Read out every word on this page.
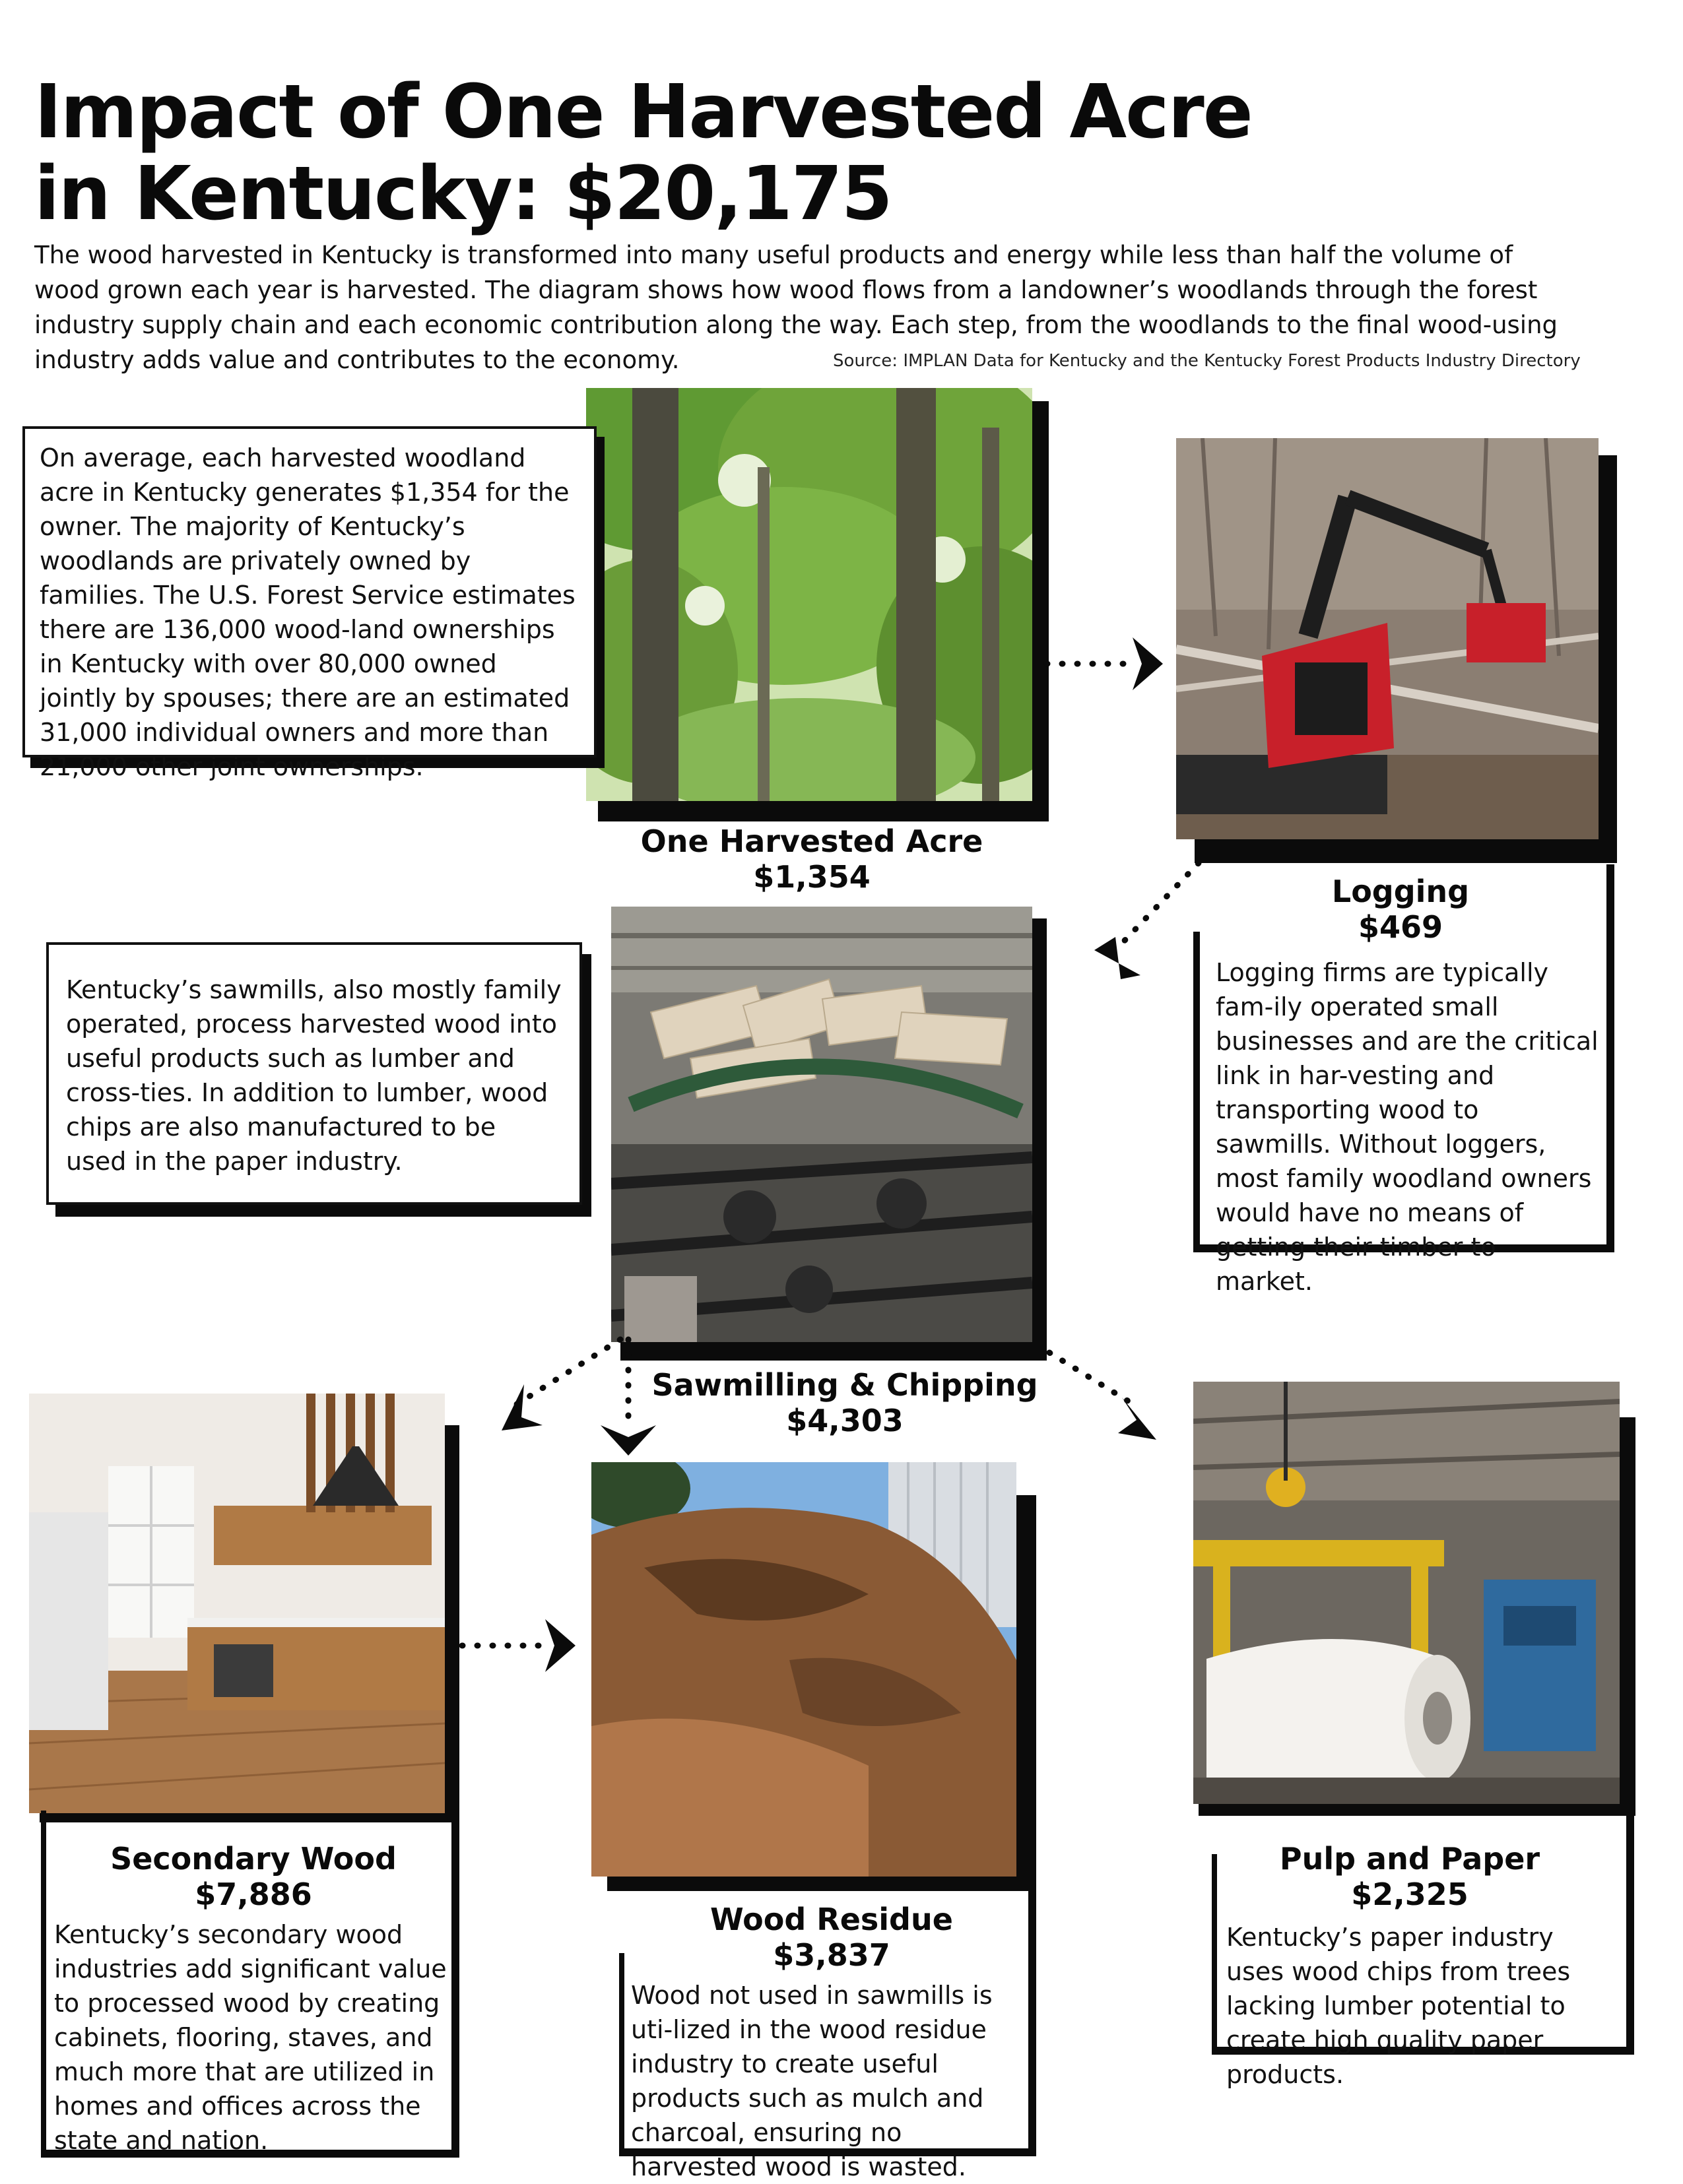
Impact of One Harvested Acre
in Kentucky: $20,175

The wood harvested in Kentucky is transformed into many useful products and energy while less than half the volume of wood grown each year is harvested. The diagram shows how wood flows from a landowner’s woodlands through the forest industry supply chain and each economic contribution along the way. Each step, from the woodlands to the final wood-using industry adds value and contributes to the economy.	Source: IMPLAN Data for Kentucky and the Kentucky Forest Products Industry Directory

On average, each harvested woodland acre in Kentucky generates $1,354 for the owner. The majority of Kentucky’s woodlands are privately owned by families. The U.S. Forest Service estimates there are 136,000 wood-land ownerships in Kentucky with over 80,000 owned jointly by spouses; there are an estimated 31,000 individual owners and more than 21,000 other joint ownerships.

One Harvested Acre
$1,354	Logging
$469

Logging firms are typically fam-ily operated small businesses and are the critical link in har-vesting and transporting wood to sawmills. Without loggers, most family woodland owners would have no means of getting their timber to market.

Kentucky’s sawmills, also mostly family operated, process harvested wood into useful products such as lumber and cross-ties. In addition to lumber, wood chips are also manufactured to be used in the paper industry.

Sawmilling & Chipping
$4,303
Secondary Wood
$7,886

Kentucky’s secondary wood industries add significant value to processed wood by creating cabinets, flooring, staves, and much more that are utilized in homes and offices across the state and nation.

Wood Residue
$3,837

Wood not used in sawmills is uti-lized in the wood residue industry to create useful products such as mulch and charcoal, ensuring no harvested wood is wasted.

Pulp and Paper
$2,325

Kentucky’s paper industry uses wood chips from trees lacking lumber potential to create high quality paper products.
